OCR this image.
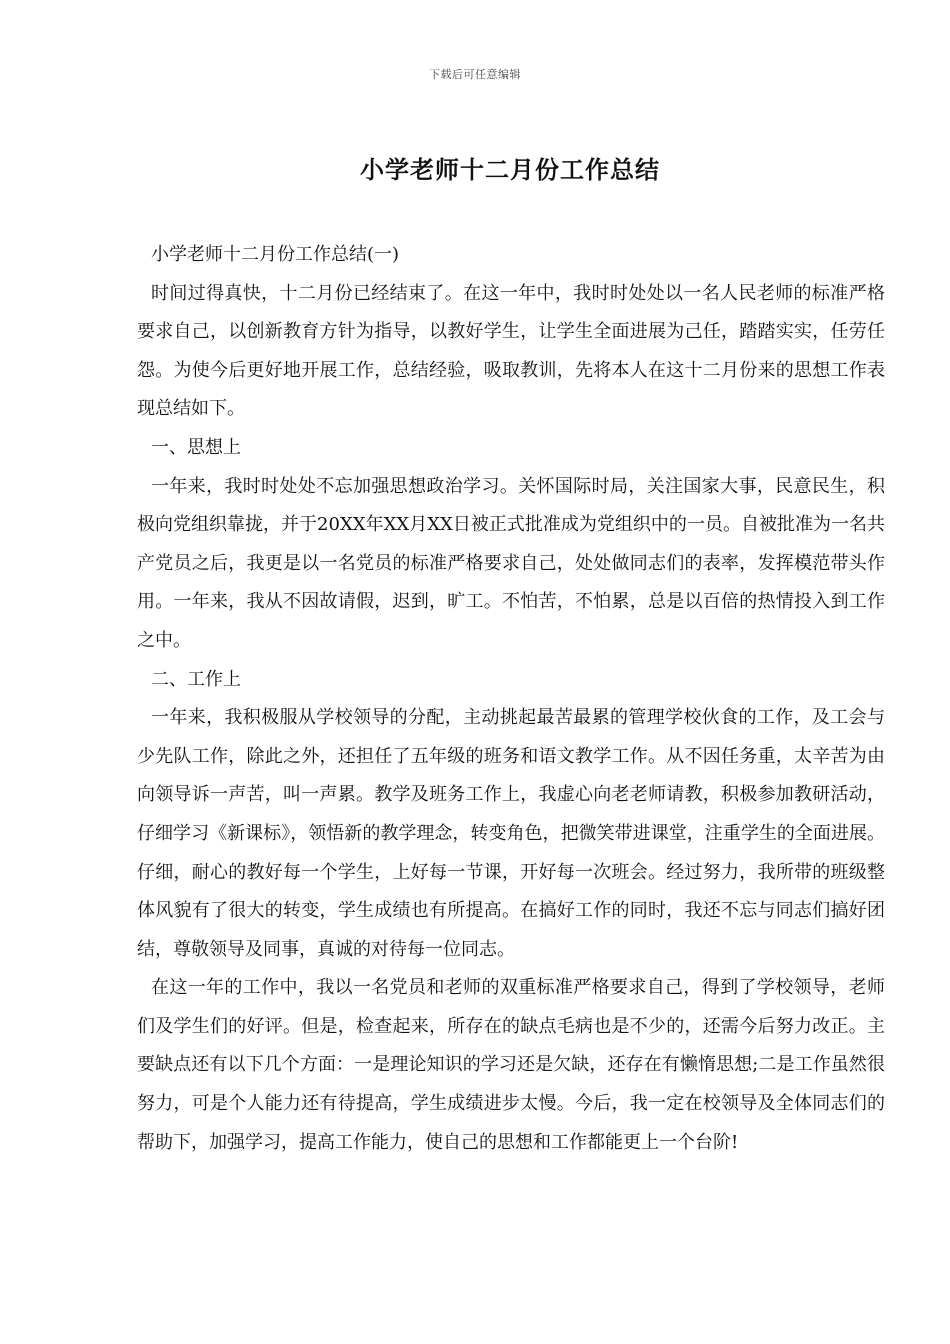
下载后可任意编辑
小学老师十二月份工作总结

小学老师十二月份工作总结(一)

时间过得真快，十二月份已经结束了。在这一年中，我时时处处以一名人民老师的标准严格要求自己，以创新教育方针为指导，以教好学生，让学生全面进展为己任，踏踏实实，任劳任怨。为使今后更好地开展工作，总结经验，吸取教训，先将本人在这十二月份来的思想工作表现总结如下。

一、思想上

一年来，我时时处处不忘加强思想政治学习。关怀国际时局，关注国家大事，民意民生，积极向党组织靠拢，并于20XX年XX月XX日被正式批准成为党组织中的一员。自被批准为一名共产党员之后，我更是以一名党员的标准严格要求自己，处处做同志们的表率，发挥模范带头作用。一年来，我从不因故请假，迟到，旷工。不怕苦，不怕累，总是以百倍的热情投入到工作之中。

二、工作上

一年来，我积极服从学校领导的分配，主动挑起最苦最累的管理学校伙食的工作，及工会与少先队工作，除此之外，还担任了五年级的班务和语文教学工作。从不因任务重，太辛苦为由向领导诉一声苦，叫一声累。教学及班务工作上，我虚心向老老师请教，积极参加教研活动，仔细学习《新课标》，领悟新的教学理念，转变角色，把微笑带进课堂，注重学生的全面进展。仔细，耐心的教好每一个学生，上好每一节课，开好每一次班会。经过努力，我所带的班级整体风貌有了很大的转变，学生成绩也有所提高。在搞好工作的同时，我还不忘与同志们搞好团结，尊敬领导及同事，真诚的对待每一位同志。

在这一年的工作中，我以一名党员和老师的双重标准严格要求自己，得到了学校领导，老师们及学生们的好评。但是，检查起来，所存在的缺点毛病也是不少的，还需今后努力改正。主要缺点还有以下几个方面：一是理论知识的学习还是欠缺，还存在有懒惰思想;二是工作虽然很努力，可是个人能力还有待提高，学生成绩进步太慢。今后，我一定在校领导及全体同志们的帮助下，加强学习，提高工作能力，使自己的思想和工作都能更上一个台阶!
